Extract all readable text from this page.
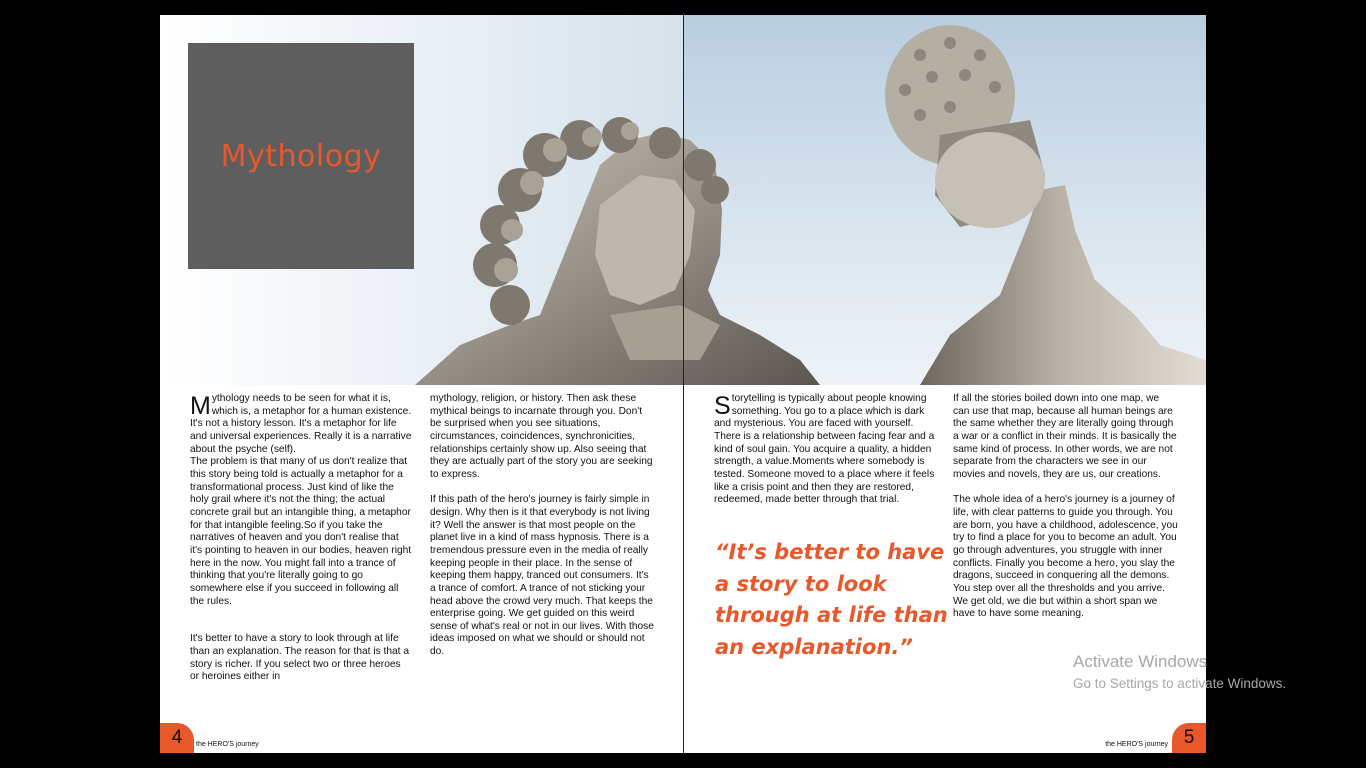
Mythology
Mythology needs to be seen for what it is, which is, a metaphor for a human existence. It's not a history lesson. It's a metaphor for life and universal experiences. Really it is a narrative about the psyche (self).
The problem is that many of us don't realize that this story being told is actually a metaphor for a transformational process. Just kind of like the holy grail where it's not the thing; the actual concrete grail but an intangible thing, a metaphor for that intangible feeling.So if you take the narratives of heaven and you don't realise that it's pointing to heaven in our bodies, heaven right here in the now. You might fall into a trance of thinking that you're literally going to go somewhere else if you succeed in following all the rules.

It's better to have a story to look through at life than an explanation. The reason for that is that a story is richer. If you select two or three heroes or heroines either in
mythology, religion, or history. Then ask these mythical beings to incarnate through you. Don't be surprised when you see situations, circumstances, coincidences, synchronicities, relationships certainly show up. Also seeing that they are actually part of the story you are seeking to express.

If this path of the hero's journey is fairly simple in design. Why then is it that everybody is not living it? Well the answer is that most people on the planet live in a kind of mass hypnosis. There is a tremendous pressure even in the media of really keeping people in their place. In the sense of keeping them happy, tranced out consumers. It's a trance of comfort. A trance of not sticking your head above the crowd very much. That keeps the enterprise going. We get guided on this weird sense of what's real or not in our lives. With those ideas imposed on what we should or should not do.
Storytelling is typically about people knowing something. You go to a place which is dark and mysterious. You are faced with yourself. There is a relationship between facing fear and a kind of soul gain. You acquire a quality, a hidden strength, a value.Moments where somebody is tested. Someone moved to a place where it feels like a crisis point and then they are restored, redeemed, made better through that trial.
“It’s better to have a story to look through at life than an explanation.”
If all the stories boiled down into one map, we can use that map, because all human beings are the same whether they are literally going through a war or a conflict in their minds. It is basically the same kind of process. In other words, we are not separate from the characters we see in our movies and novels, they are us, our creations.

The whole idea of a hero's journey is a journey of life, with clear patterns to guide you through. You are born, you have a childhood, adolescence, you try to find a place for you to become an adult. You go through adventures, you struggle with inner conflicts. Finally you become a hero, you slay the dragons, succeed in conquering all the demons. You step over all the thresholds and you arrive. We get old, we die but within a short span we have to have some meaning.
4	the HERO'S journey	the HERO'S journey 5
Activate Windows
Go to Settings to activate Windows.
